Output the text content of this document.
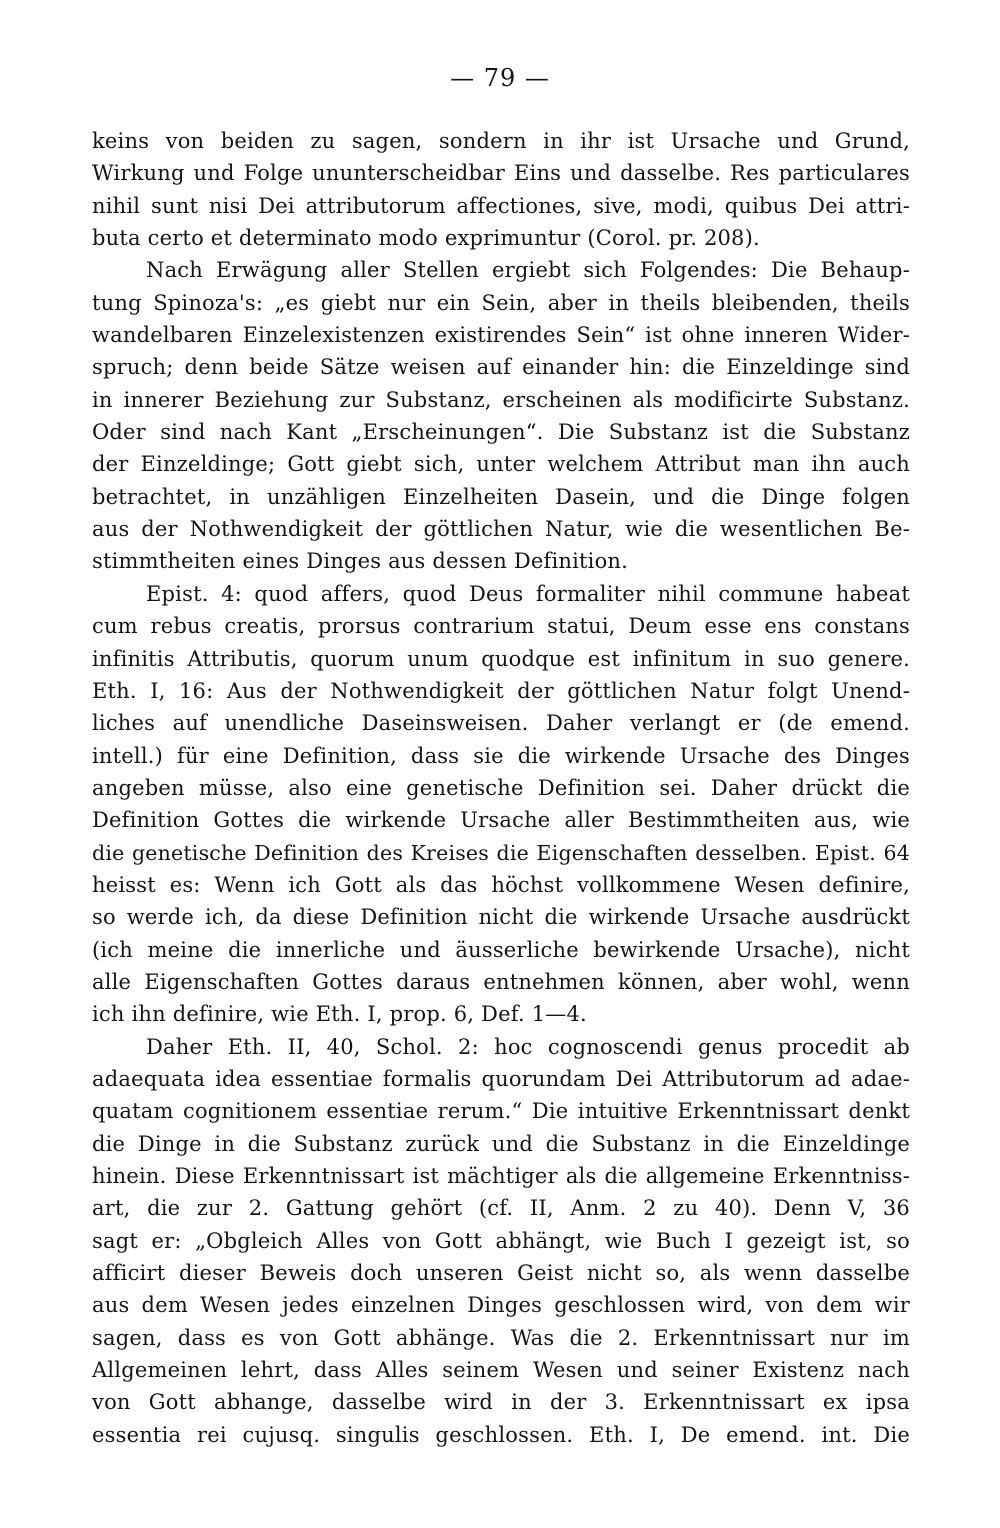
— 79 —
keins von beiden zu sagen, sondern in ihr ist Ursache und Grund,
Wirkung und Folge ununterscheidbar Eins und dasselbe. Res particulares
nihil sunt nisi Dei attributorum affectiones, sive, modi, quibus Dei attri-
buta certo et determinato modo exprimuntur (Corol. pr. 208).
Nach Erwägung aller Stellen ergiebt sich Folgendes: Die Behaup-
tung Spinoza's: „es giebt nur ein Sein, aber in theils bleibenden, theils
wandelbaren Einzelexistenzen existirendes Sein“ ist ohne inneren Wider-
spruch; denn beide Sätze weisen auf einander hin: die Einzeldinge sind
in innerer Beziehung zur Substanz, erscheinen als modificirte Substanz.
Oder sind nach Kant „Erscheinungen“. Die Substanz ist die Substanz
der Einzeldinge; Gott giebt sich, unter welchem Attribut man ihn auch
betrachtet, in unzähligen Einzelheiten Dasein, und die Dinge folgen
aus der Nothwendigkeit der göttlichen Natur, wie die wesentlichen Be-
stimmtheiten eines Dinges aus dessen Definition.
Epist. 4: quod affers, quod Deus formaliter nihil commune habeat
cum rebus creatis, prorsus contrarium statui, Deum esse ens constans
infinitis Attributis, quorum unum quodque est infinitum in suo genere.
Eth. I, 16: Aus der Nothwendigkeit der göttlichen Natur folgt Unend-
liches auf unendliche Daseinsweisen. Daher verlangt er (de emend.
intell.) für eine Definition, dass sie die wirkende Ursache des Dinges
angeben müsse, also eine genetische Definition sei. Daher drückt die
Definition Gottes die wirkende Ursache aller Bestimmtheiten aus, wie
die genetische Definition des Kreises die Eigenschaften desselben. Epist. 64
heisst es: Wenn ich Gott als das höchst vollkommene Wesen definire,
so werde ich, da diese Definition nicht die wirkende Ursache ausdrückt
(ich meine die innerliche und äusserliche bewirkende Ursache), nicht
alle Eigenschaften Gottes daraus entnehmen können, aber wohl, wenn
ich ihn definire, wie Eth. I, prop. 6, Def. 1—4.
Daher Eth. II, 40, Schol. 2: hoc cognoscendi genus procedit ab
adaequata idea essentiae formalis quorundam Dei Attributorum ad adae-
quatam cognitionem essentiae rerum.“ Die intuitive Erkenntnissart denkt
die Dinge in die Substanz zurück und die Substanz in die Einzeldinge
hinein. Diese Erkenntnissart ist mächtiger als die allgemeine Erkenntniss-
art, die zur 2. Gattung gehört (cf. II, Anm. 2 zu 40). Denn V, 36
sagt er: „Obgleich Alles von Gott abhängt, wie Buch I gezeigt ist, so
afficirt dieser Beweis doch unseren Geist nicht so, als wenn dasselbe
aus dem Wesen jedes einzelnen Dinges geschlossen wird, von dem wir
sagen, dass es von Gott abhänge. Was die 2. Erkenntnissart nur im
Allgemeinen lehrt, dass Alles seinem Wesen und seiner Existenz nach
von Gott abhange, dasselbe wird in der 3. Erkenntnissart ex ipsa
essentia rei cujusq. singulis geschlossen. Eth. I, De emend. int. Die
